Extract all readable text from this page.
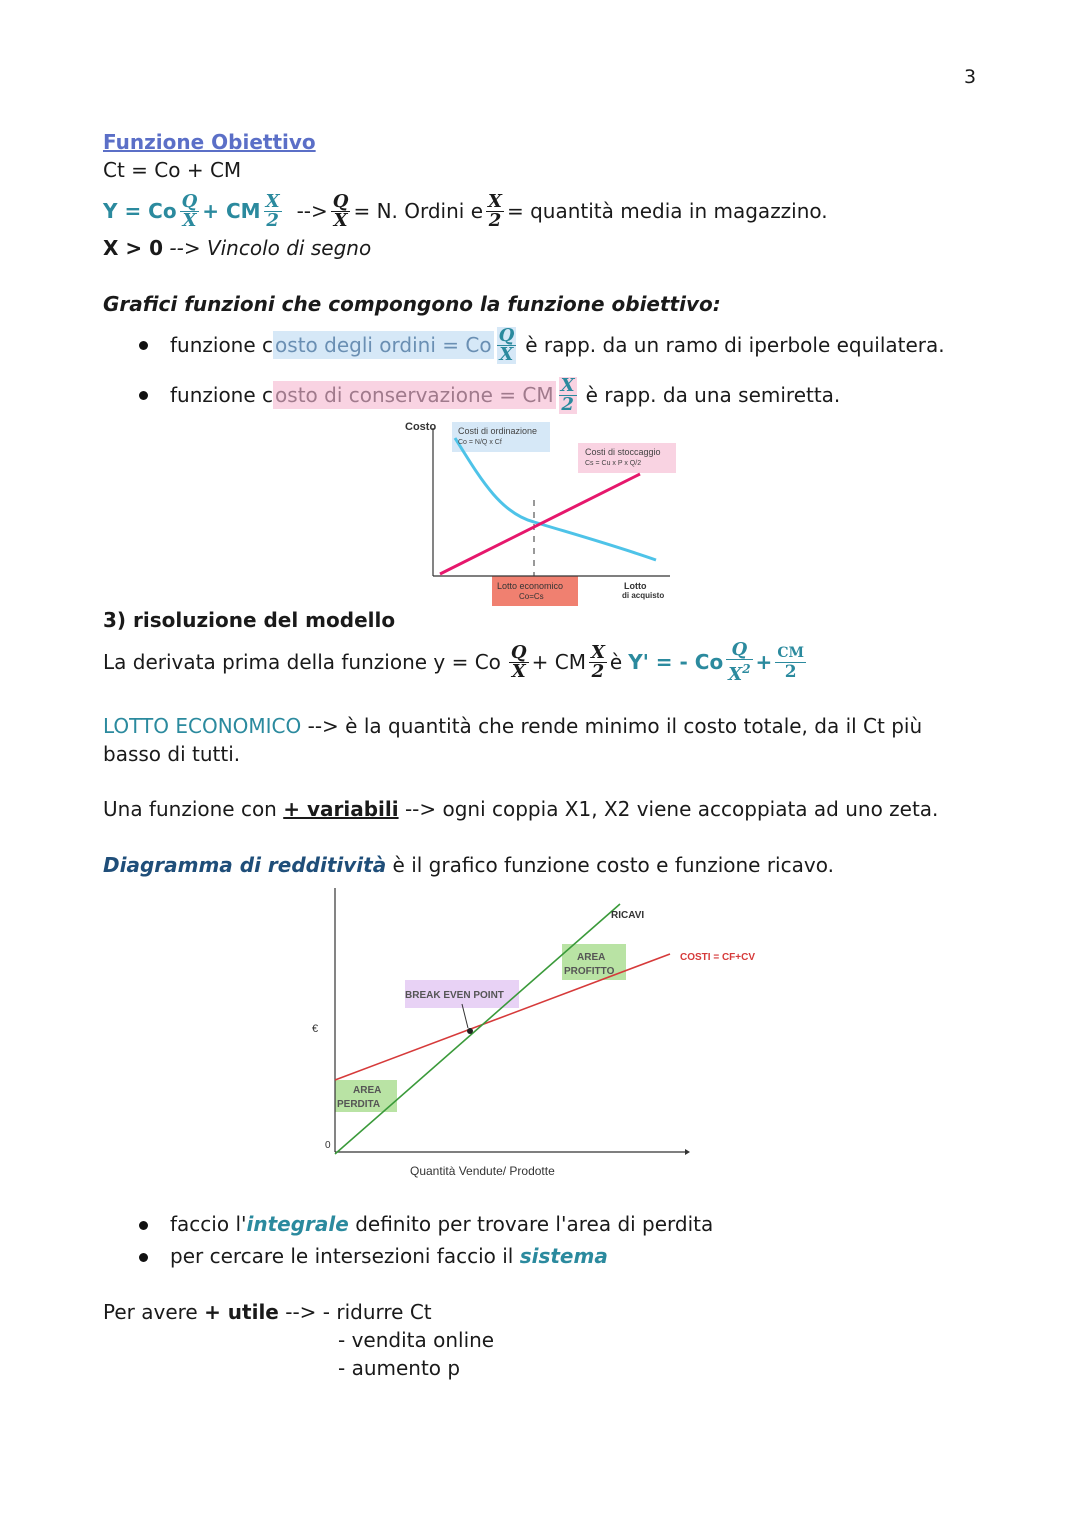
3
Funzione Obiettivo
Ct = Co + CM
Y = Co $\frac{Q}{X}$ + CM $\frac{X}{2}$ --> $\frac{Q}{X} = N$. Ordini e $\frac{X}{2}$ = quantità media in magazzino.
X > 0 --> Vincolo di segno
Grafici funzioni che compongono la funzione obiettivo:
funzione c osto degli ordini = Co $\frac{Q}{X}$ è rapp. da un ramo di iperbole equilatera.
funzione c osto di conservazione = CM $\frac{X}{2}$ è rapp. da una semiretta.
Costo Costi di ordinazione
Co = N/Q x Cf
Costi di stoccaggio
Cs = Cu x P x Q/2
Lotto economico
Co=Cs
Lotto
di acquisto
3) risoluzione del modello
La derivata prima della funzione y = Co $\frac{Q}{X}$ + CM $\frac{X}{2}$ è Y' = - Co $\frac{Q}{X^2} + \frac{CM}{2}$
LOTTO ECONOMICO --> è la quantità che rende minimo il costo totale, da il Ct più
basso di tutti.
Una funzione con + variabili --> ogni coppia X1, X2 viene accoppiata ad uno zeta.
Diagramma di redditività è il grafico funzione costo e funzione ricavo.
€
0
Quantità Vendute/ Prodotte
RICAVI
COSTI = CF+CV
AREA
PROFITTO
BREAK EVEN POINT
AREA
PERDITA
faccio l'integrale definito per trovare l'area di perdita
per cercare le intersezioni faccio il sistema
Per avere + utile --> - ridurre Ct
- vendita online
- aumento p
